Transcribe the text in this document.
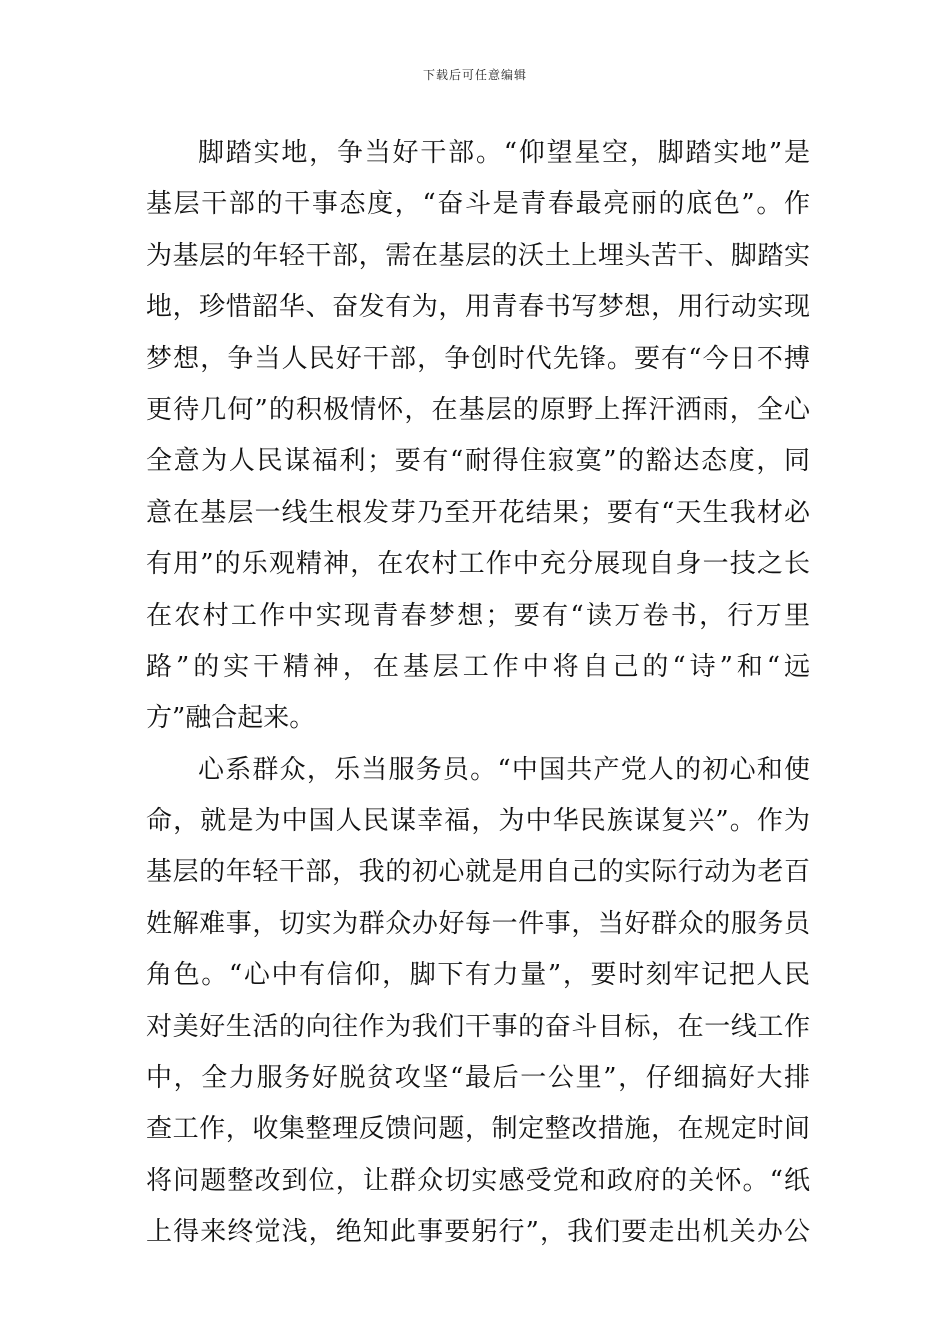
下载后可任意编辑
脚踏实地，争当好干部。“仰望星空，脚踏实地”是
基层干部的干事态度，“奋斗是青春最亮丽的底色”。作
为基层的年轻干部，需在基层的沃土上埋头苦干、脚踏实
地，珍惜韶华、奋发有为，用青春书写梦想，用行动实现
梦想，争当人民好干部，争创时代先锋。要有“今日不搏
更待几何”的积极情怀，在基层的原野上挥汗洒雨，全心
全意为人民谋福利；要有“耐得住寂寞”的豁达态度，同
意在基层一线生根发芽乃至开花结果；要有“天生我材必
有用”的乐观精神，在农村工作中充分展现自身一技之长
在农村工作中实现青春梦想；要有“读万卷书，行万里
路”的实干精神，在基层工作中将自己的“诗”和“远
方”融合起来。
心系群众，乐当服务员。“中国共产党人的初心和使
命，就是为中国人民谋幸福，为中华民族谋复兴”。作为
基层的年轻干部，我的初心就是用自己的实际行动为老百
姓解难事，切实为群众办好每一件事，当好群众的服务员
角色。“心中有信仰，脚下有力量”，要时刻牢记把人民
对美好生活的向往作为我们干事的奋斗目标，在一线工作
中，全力服务好脱贫攻坚“最后一公里”，仔细搞好大排
查工作，收集整理反馈问题，制定整改措施，在规定时间
将问题整改到位，让群众切实感受党和政府的关怀。“纸
上得来终觉浅，绝知此事要躬行”，我们要走出机关办公
